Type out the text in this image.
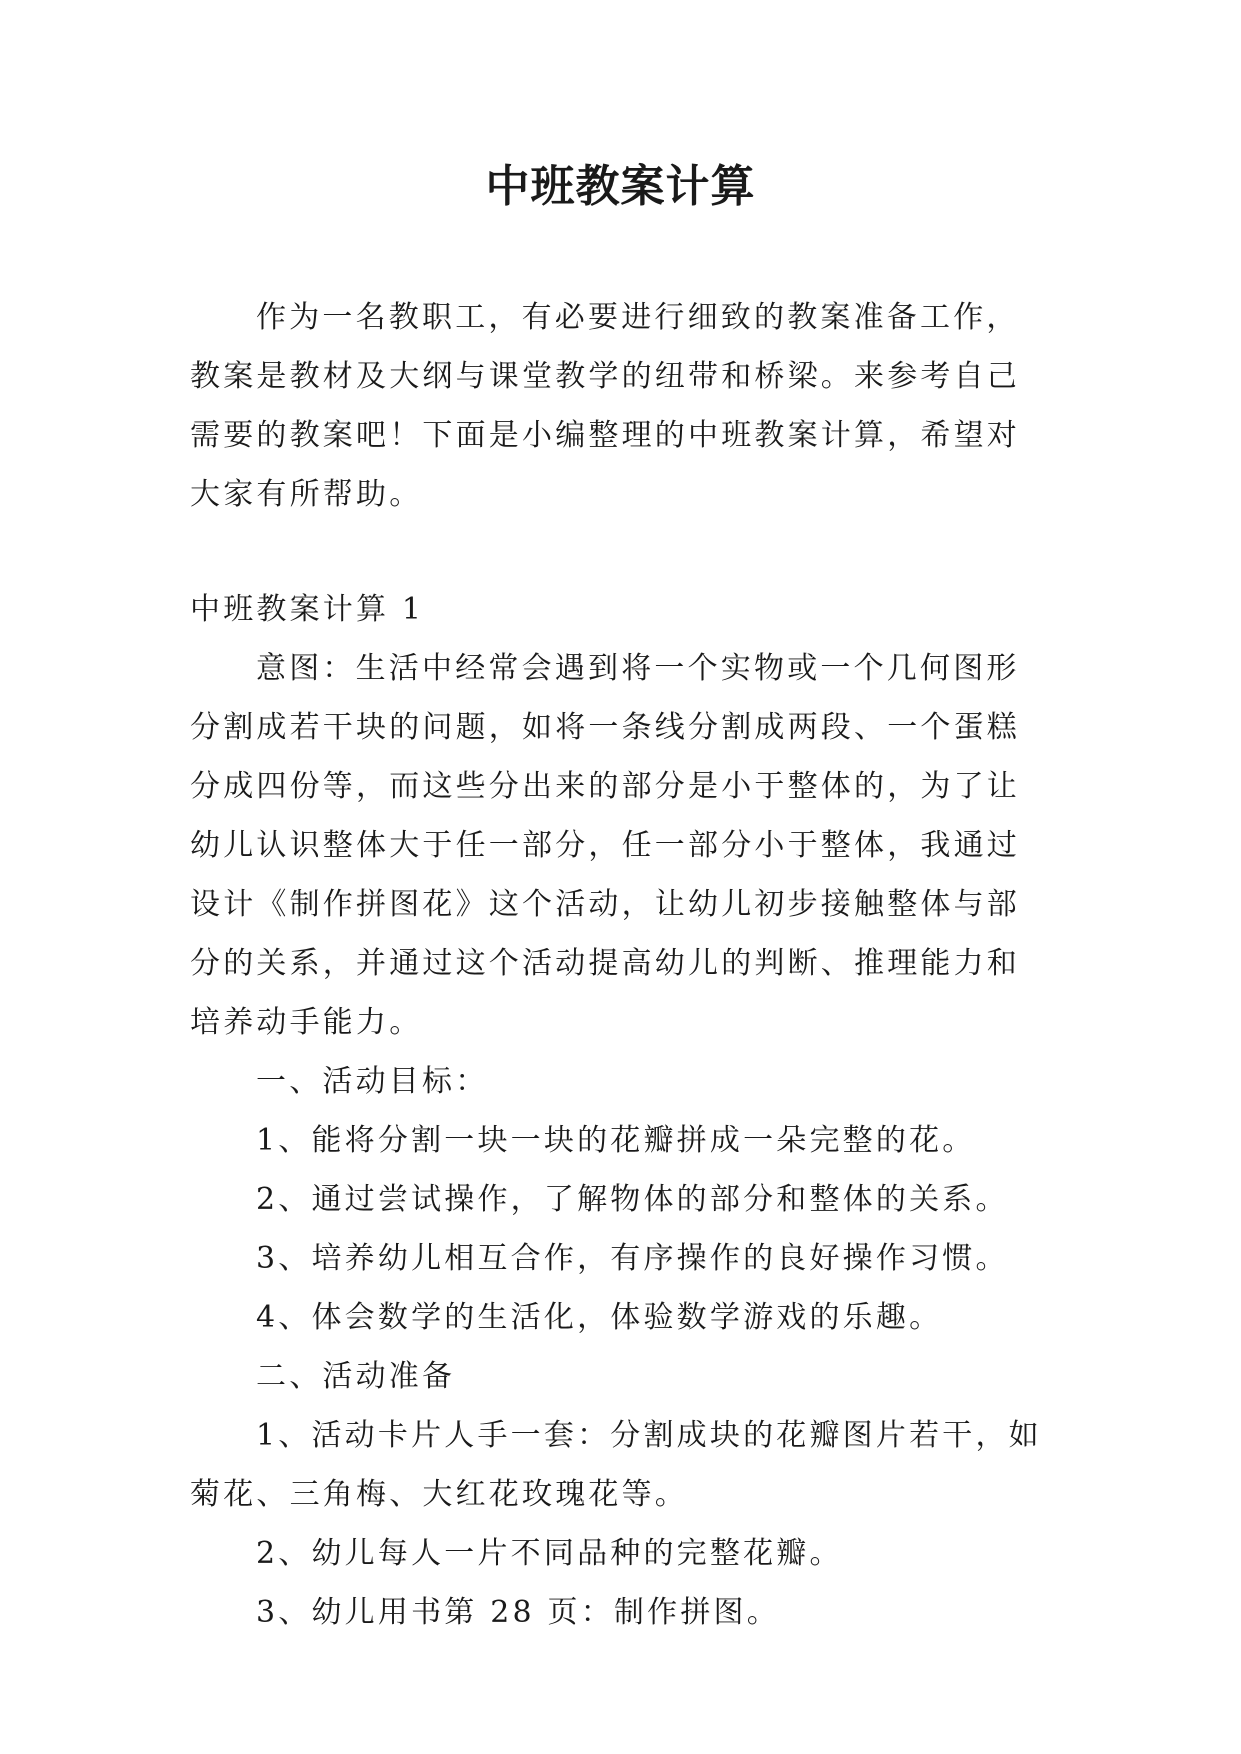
中班教案计算
作为一名教职工，有必要进行细致的教案准备工作，教案是教材及大纲与课堂教学的纽带和桥梁。来参考自己需要的教案吧！下面是小编整理的中班教案计算，希望对大家有所帮助。

中班教案计算 1

意图：生活中经常会遇到将一个实物或一个几何图形分割成若干块的问题，如将一条线分割成两段、一个蛋糕分成四份等，而这些分出来的部分是小于整体的，为了让幼儿认识整体大于任一部分，任一部分小于整体，我通过设计《制作拼图花》这个活动，让幼儿初步接触整体与部分的关系，并通过这个活动提高幼儿的判断、推理能力和培养动手能力。

一、活动目标：

1、能将分割一块一块的花瓣拼成一朵完整的花。

2、通过尝试操作，了解物体的部分和整体的关系。

3、培养幼儿相互合作，有序操作的良好操作习惯。

4、体会数学的生活化，体验数学游戏的乐趣。

二、活动准备

1、活动卡片人手一套：分割成块的花瓣图片若干，如菊花、三角梅、大红花玫瑰花等。

2、幼儿每人一片不同品种的完整花瓣。

3、幼儿用书第 28 页：制作拼图。
